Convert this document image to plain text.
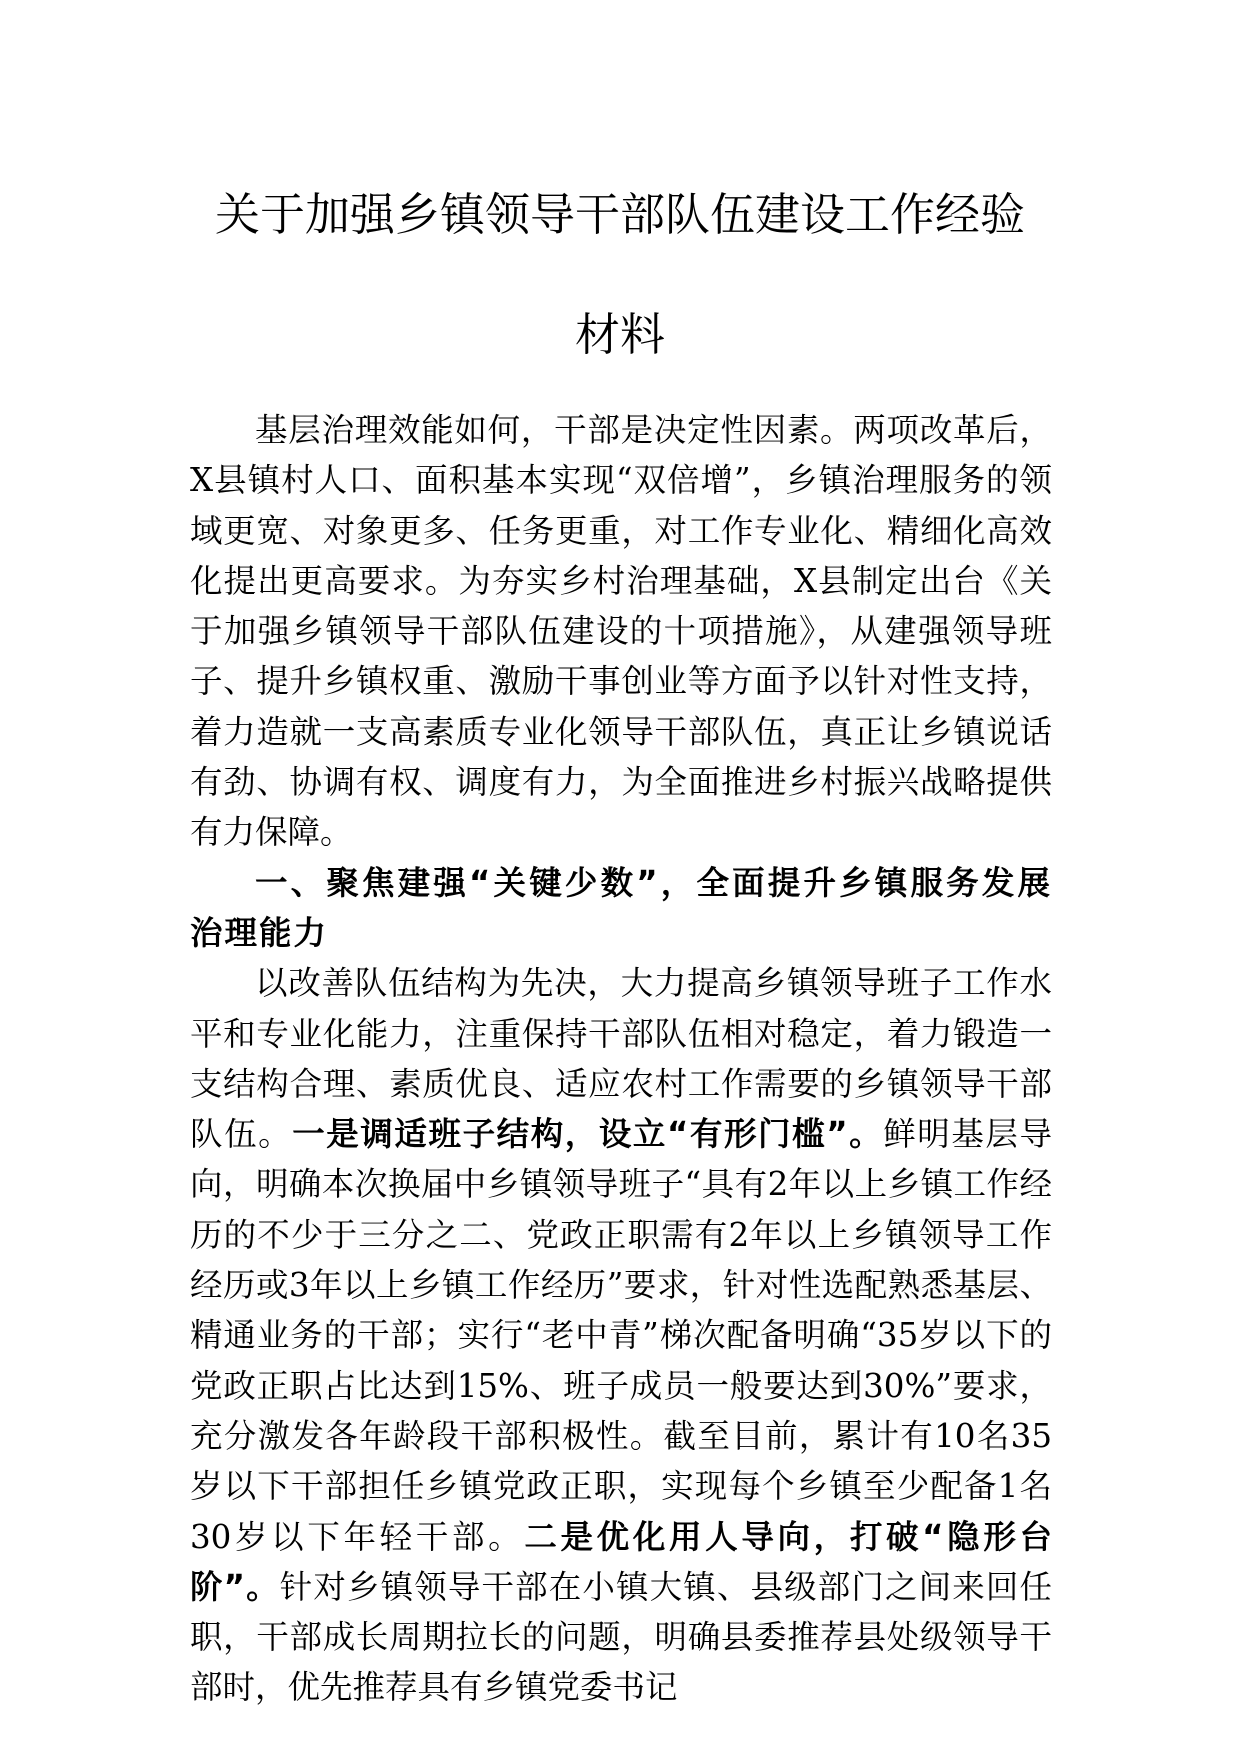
关于加强乡镇领导干部队伍建设工作经验
材料

基层治理效能如何，干部是决定性因素。两项改革后，X县镇村人口、面积基本实现“双倍增”，乡镇治理服务的领域更宽、对象更多、任务更重，对工作专业化、精细化高效化提出更高要求。为夯实乡村治理基础，X县制定出台《关于加强乡镇领导干部队伍建设的十项措施》，从建强领导班子、提升乡镇权重、激励干事创业等方面予以针对性支持，着力造就一支高素质专业化领导干部队伍，真正让乡镇说话有劲、协调有权、调度有力，为全面推进乡村振兴战略提供有力保障。

一、聚焦建强“关键少数”，全面提升乡镇服务发展治理能力

以改善队伍结构为先决，大力提高乡镇领导班子工作水平和专业化能力，注重保持干部队伍相对稳定，着力锻造一支结构合理、素质优良、适应农村工作需要的乡镇领导干部队伍。一是调适班子结构，设立“有形门槛”。鲜明基层导向，明确本次换届中乡镇领导班子“具有2年以上乡镇工作经历的不少于三分之二、党政正职需有2年以上乡镇领导工作经历或3年以上乡镇工作经历”要求，针对性选配熟悉基层、精通业务的干部；实行“老中青”梯次配备明确“35岁以下的党政正职占比达到15%、班子成员一般要达到30%”要求，充分激发各年龄段干部积极性。截至目前，累计有10名35岁以下干部担任乡镇党政正职，实现每个乡镇至少配备1名30岁以下年轻干部。二是优化用人导向，打破“隐形台阶”。针对乡镇领导干部在小镇大镇、县级部门之间来回任职，干部成长周期拉长的问题，明确县委推荐县处级领导干部时，优先推荐具有乡镇党委书记
